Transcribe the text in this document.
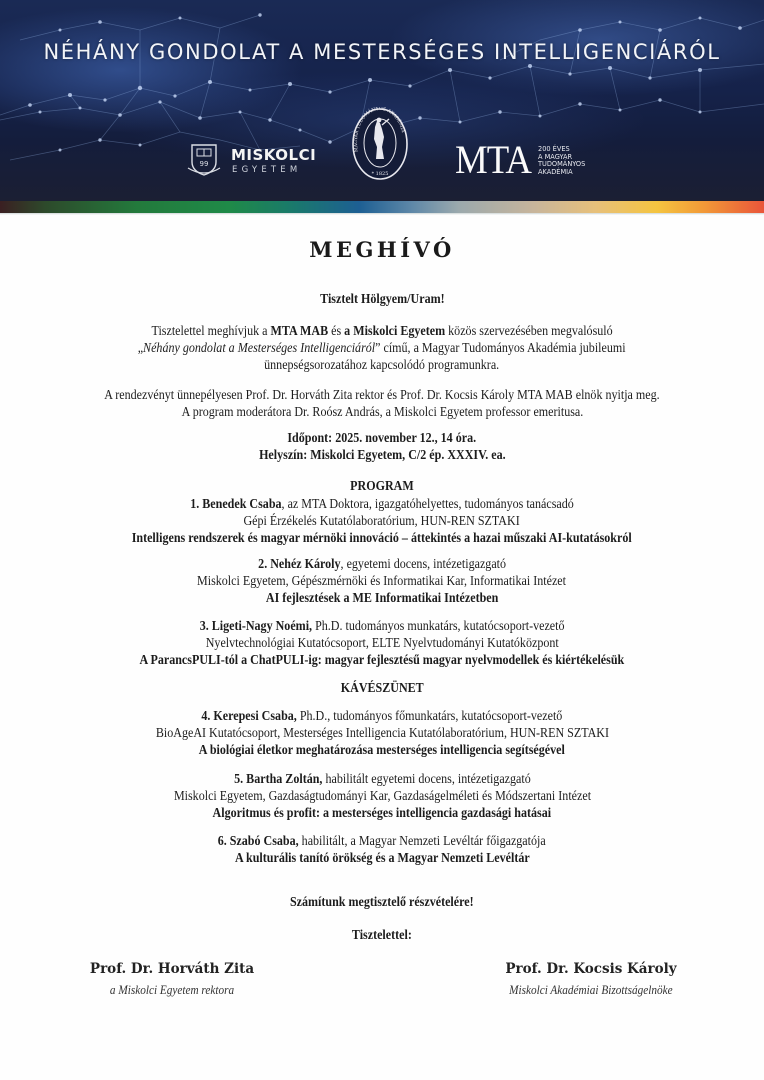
NÉHÁNY GONDOLAT A MESTERSÉGES INTELLIGENCIÁRÓL
99 MISKOLCI
EGYETEM	* 1825
MAGYAR TUDOMÁNYOS AKADÉMIA
MTA 200 ÉVES
A MAGYAR
TUDOMÁNYOS
AKADÉMIA
MEGHÍVÓ
Tisztelt Hölgyem/Uram!
Tisztelettel meghívjuk a MTA MAB és a Miskolci Egyetem közös szervezésében megvalósuló
„Néhány gondolat a Mesterséges Intelligenciáról” című, a Magyar Tudományos Akadémia jubileumi
ünnepségsorozatához kapcsolódó programunkra.
A rendezvényt ünnepélyesen Prof. Dr. Horváth Zita rektor és Prof. Dr. Kocsis Károly MTA MAB elnök nyitja meg.
A program moderátora Dr. Roósz András, a Miskolci Egyetem professor emeritusa.
Időpont: 2025. november 12., 14 óra.
Helyszín: Miskolci Egyetem, C/2 ép. XXXIV. ea.
PROGRAM
1. Benedek Csaba, az MTA Doktora, igazgatóhelyettes, tudományos tanácsadó
Gépi Érzékelés Kutatólaboratórium, HUN-REN SZTAKI
Intelligens rendszerek és magyar mérnöki innováció – áttekintés a hazai műszaki AI-kutatásokról
2. Nehéz Károly, egyetemi docens, intézetigazgató
Miskolci Egyetem, Gépészmérnöki és Informatikai Kar, Informatikai Intézet
AI fejlesztések a ME Informatikai Intézetben
3. Ligeti-Nagy Noémi, Ph.D. tudományos munkatárs, kutatócsoport-vezető
Nyelvtechnológiai Kutatócsoport, ELTE Nyelvtudományi Kutatóközpont
A ParancsPULI-tól a ChatPULI-ig: magyar fejlesztésű magyar nyelvmodellek és kiértékelésük
KÁVÉSZÜNET
4. Kerepesi Csaba, Ph.D., tudományos főmunkatárs, kutatócsoport-vezető
BioAgeAI Kutatócsoport, Mesterséges Intelligencia Kutatólaboratórium, HUN-REN SZTAKI
A biológiai életkor meghatározása mesterséges intelligencia segítségével
5. Bartha Zoltán, habilitált egyetemi docens, intézetigazgató
Miskolci Egyetem, Gazdaságtudományi Kar, Gazdaságelméleti és Módszertani Intézet
Algoritmus és profit: a mesterséges intelligencia gazdasági hatásai
6. Szabó Csaba, habilitált, a Magyar Nemzeti Levéltár főigazgatója
A kulturális tanító örökség és a Magyar Nemzeti Levéltár
Számítunk megtisztelő részvételére!
Tisztelettel:
Prof. Dr. Horváth Zita
a Miskolci Egyetem rektora
Prof. Dr. Kocsis Károly
Miskolci Akadémiai Bizottságelnöke
